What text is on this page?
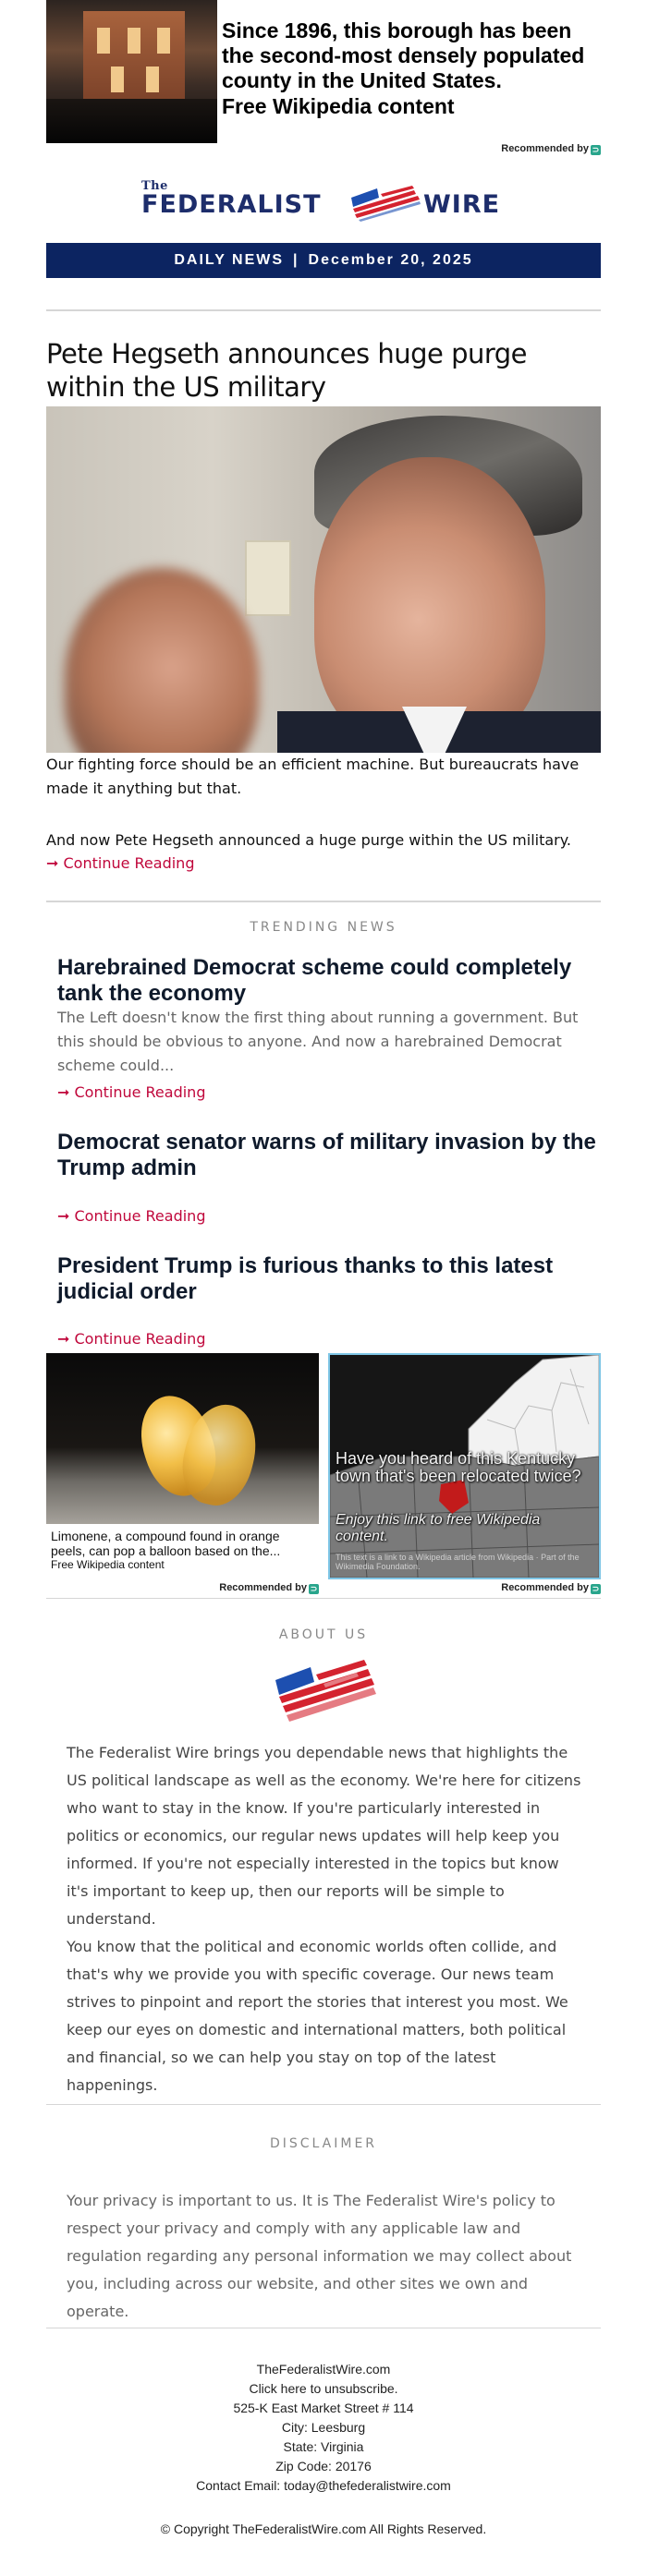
Since 1896, this borough has been the second-most densely populated county in the United States.
Free Wikipedia content
Recommended by ⊃
The
FEDERALIST	WIRE
DAILY NEWS | December 20, 2025
Pete Hegseth announces huge purge within the US military
Our fighting force should be an efficient machine. But bureaucrats have made it anything but that.
And now Pete Hegseth announced a huge purge within the US military.
➞ Continue Reading
TRENDING NEWS
Harebrained Democrat scheme could completely tank the economy
The Left doesn't know the first thing about running a government. But this should be obvious to anyone. And now a harebrained Democrat scheme could...
➞ Continue Reading
Democrat senator warns of military invasion by the Trump admin
➞ Continue Reading
President Trump is furious thanks to this latest judicial order
➞ Continue Reading
Limonene, a compound found in orange peels, can pop a balloon based on the...
Free Wikipedia content
Have you heard of this Kentucky town that's been relocated twice?
Enjoy this link to free Wikipedia content.
This text is a link to a Wikipedia article from Wikipedia · Part of the Wikimedia Foundation.
Recommended by ⊃	Recommended by ⊃
ABOUT US
The Federalist Wire brings you dependable news that highlights the US political landscape as well as the economy. We're here for citizens who want to stay in the know. If you're particularly interested in politics or economics, our regular news updates will help keep you informed. If you're not especially interested in the topics but know it's important to keep up, then our reports will be simple to understand.
You know that the political and economic worlds often collide, and that's why we provide you with specific coverage. Our news team strives to pinpoint and report the stories that interest you most. We keep our eyes on domestic and international matters, both political and financial, so we can help you stay on top of the latest happenings.
DISCLAIMER
Your privacy is important to us. It is The Federalist Wire's policy to respect your privacy and comply with any applicable law and regulation regarding any personal information we may collect about you, including across our website, and other sites we own and operate.
TheFederalistWire.com
Click here to unsubscribe.
525-K East Market Street # 114
City: Leesburg
State: Virginia
Zip Code: 20176
Contact Email: today@thefederalistwire.com
© Copyright TheFederalistWire.com All Rights Reserved.
